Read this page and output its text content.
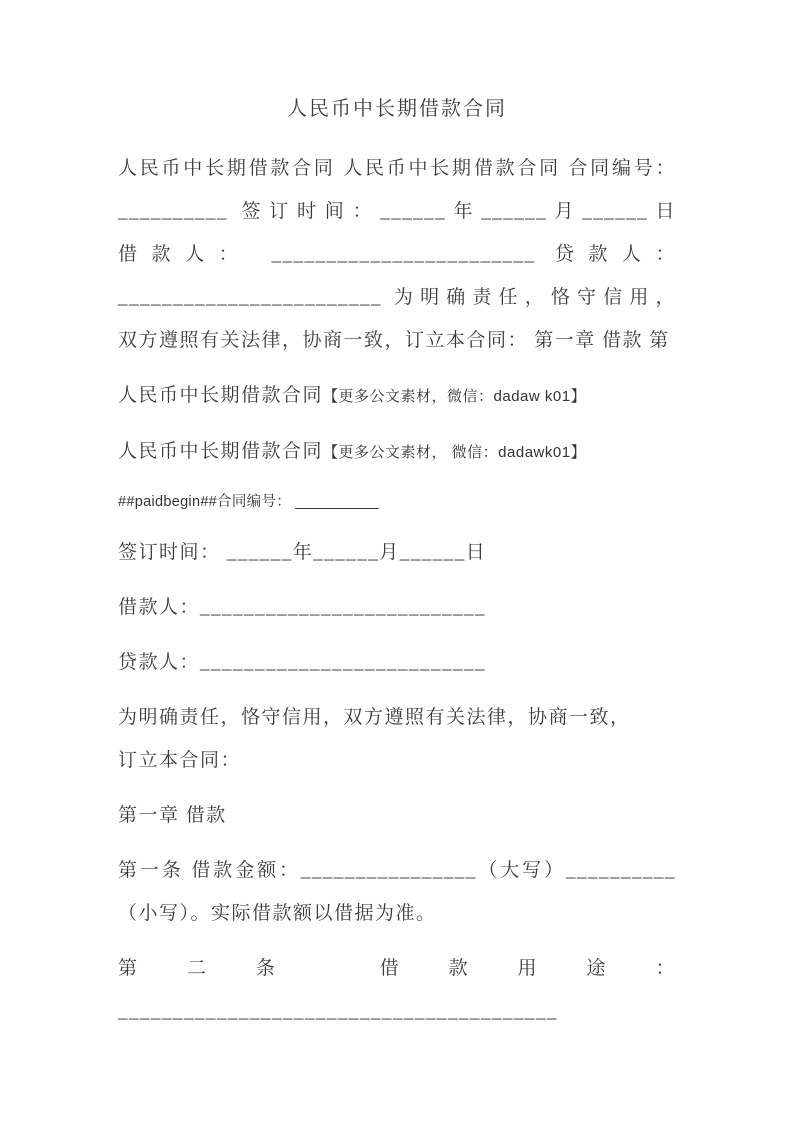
人民币中长期借款合同

人民币中长期借款合同 人民币中长期借款合同 合同编号：__________ 签订时间：______年______月______日 借款人： ________________________ 贷款人：________________________ 为明确责任，恪守信用，双方遵照有关法律，协商一致，订立本合同： 第一章 借款 第

人民币中长期借款合同【更多公文素材，微信：dadaw k01】

人民币中长期借款合同【更多公文素材， 微信：dadawk01】

##paidbegin##合同编号： __________

签订时间： ______年______月______日

借款人：__________________________

贷款人：__________________________

为明确责任，恪守信用，双方遵照有关法律，协商一致，订立本合同：

第一章 借款

第一条 借款金额：________________（大写）__________（小写）。实际借款额以借据为准。

第二条 借款用途：

________________________________________
